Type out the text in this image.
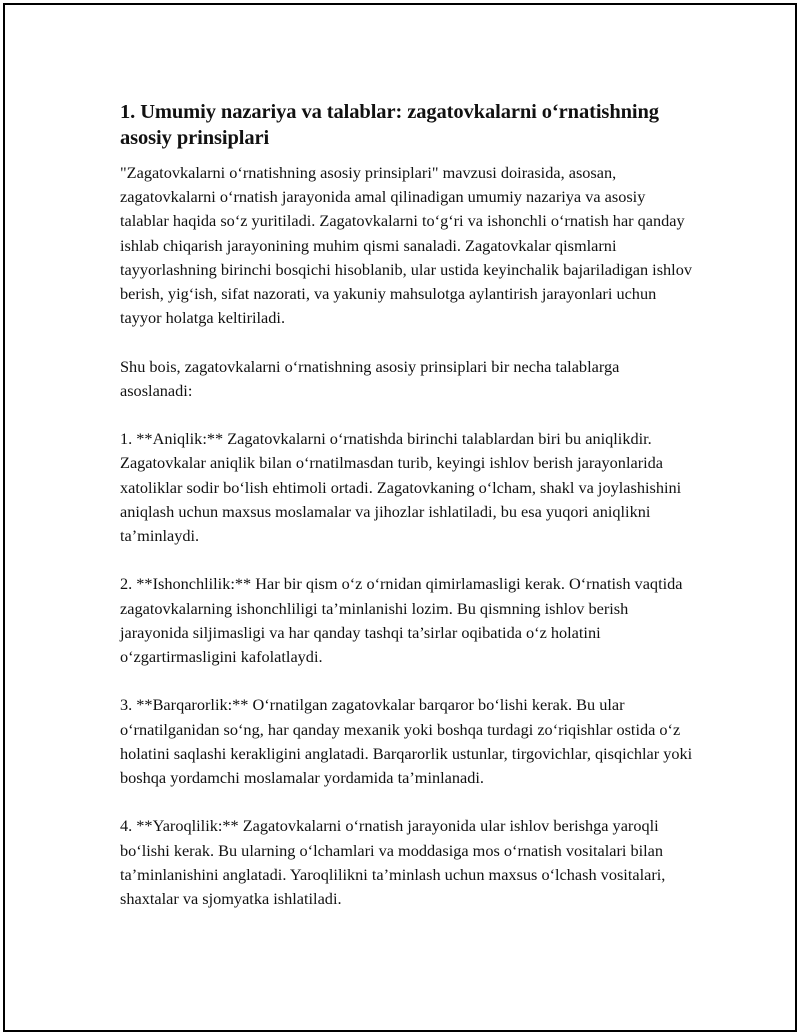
1. Umumiy nazariya va talablar: zagatovkalarni o‘rnatishning asosiy prinsiplari

"Zagatovkalarni o‘rnatishning asosiy prinsiplari" mavzusi doirasida, asosan, zagatovkalarni o‘rnatish jarayonida amal qilinadigan umumiy nazariya va asosiy talablar haqida so‘z yuritiladi. Zagatovkalarni to‘g‘ri va ishonchli o‘rnatish har qanday ishlab chiqarish jarayonining muhim qismi sanaladi. Zagatovkalar qismlarni tayyorlashning birinchi bosqichi hisoblanib, ular ustida keyinchalik bajariladigan ishlov berish, yig‘ish, sifat nazorati, va yakuniy mahsulotga aylantirish jarayonlari uchun tayyor holatga keltiriladi.

Shu bois, zagatovkalarni o‘rnatishning asosiy prinsiplari bir necha talablarga asoslanadi:

1. **Aniqlik:** Zagatovkalarni o‘rnatishda birinchi talablardan biri bu aniqlikdir. Zagatovkalar aniqlik bilan o‘rnatilmasdan turib, keyingi ishlov berish jarayonlarida xatoliklar sodir bo‘lish ehtimoli ortadi. Zagatovkaning o‘lcham, shakl va joylashishini aniqlash uchun maxsus moslamalar va jihozlar ishlatiladi, bu esa yuqori aniqlikni ta’minlaydi.

2. **Ishonchlilik:** Har bir qism o‘z o‘rnidan qimirlamasligi kerak. O‘rnatish vaqtida zagatovkalarning ishonchliligi ta’minlanishi lozim. Bu qismning ishlov berish jarayonida siljimasligi va har qanday tashqi ta’sirlar oqibatida o‘z holatini o‘zgartirmasligini kafolatlaydi.

3. **Barqarorlik:** O‘rnatilgan zagatovkalar barqaror bo‘lishi kerak. Bu ular o‘rnatilganidan so‘ng, har qanday mexanik yoki boshqa turdagi zo‘riqishlar ostida o‘z holatini saqlashi kerakligini anglatadi. Barqarorlik ustunlar, tirgovichlar, qisqichlar yoki boshqa yordamchi moslamalar yordamida ta’minlanadi.

4. **Yaroqlilik:** Zagatovkalarni o‘rnatish jarayonida ular ishlov berishga yaroqli bo‘lishi kerak. Bu ularning o‘lchamlari va moddasiga mos o‘rnatish vositalari bilan ta’minlanishini anglatadi. Yaroqlilikni ta’minlash uchun maxsus o‘lchash vositalari, shaxtalar va sjomyatka ishlatiladi.
